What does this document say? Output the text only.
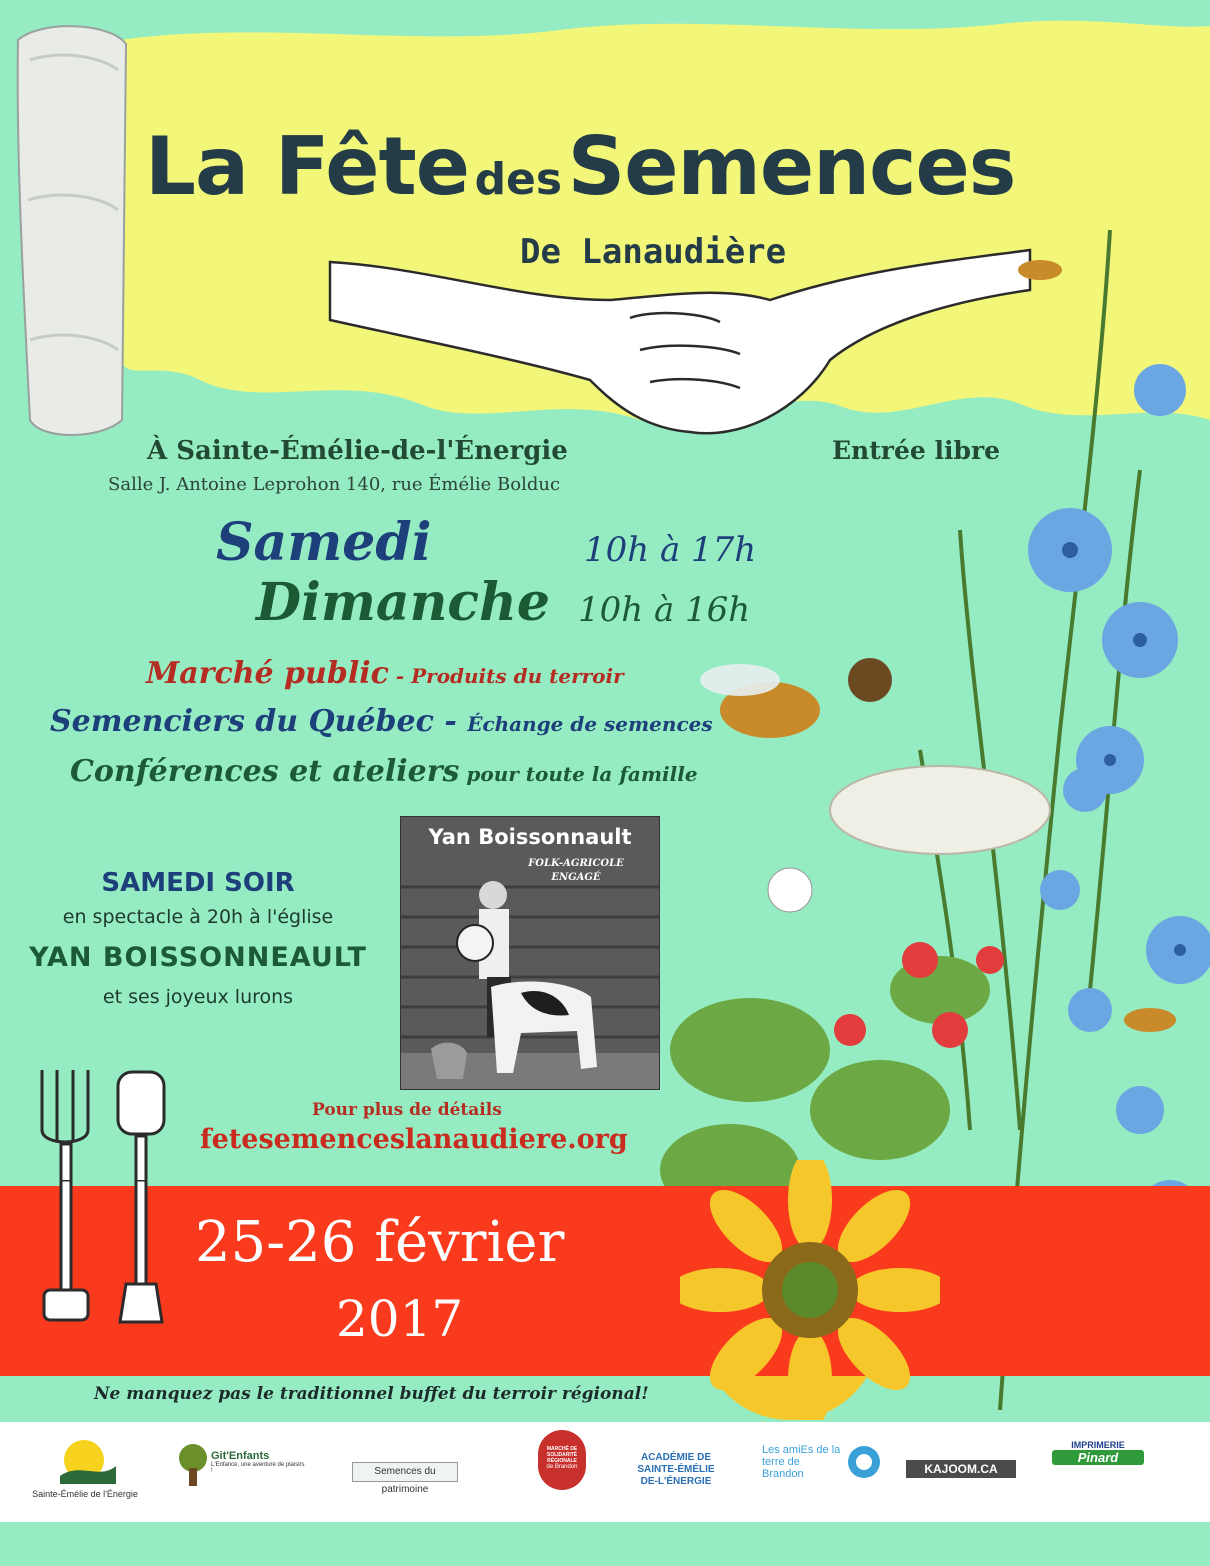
La Fête des Semences
De Lanaudière
À Sainte-Émélie-de-l'Énergie	Entrée libre
Salle J. Antoine Leprohon 140, rue Émélie Bolduc
Samedi	10h à 17h
Dimanche 10h à 16h
Marché public - Produits du terroir
Semenciers du Québec - Échange de semences
Conférences et ateliers pour toute la famille
SAMEDI SOIR
en spectacle à 20h à l'église
YAN BOISSONNEAULT
et ses joyeux lurons
Yan Boissonnault
FOLK-AGRICOLE
ENGAGÉ
Pour plus de détails
fetesemenceslanaudiere.org
25-26 février
2017
Ne manquez pas le traditionnel buffet du terroir régional!
Sainte-Émélie de l'Énergie
Git'Enfants
L'Enfance, une aventure de plaisirs !	Semences du patrimoine
MARCHÉ DE SOLIDARITÉ RÉGIONALE
de Brandon
ACADÉMIE DE SAINTE-ÉMÉLIE DE-L'ÉNERGIE
Les amiEs de la terre de Brandon	KAJOOM.CA
IMPRIMERIE
Pinard
